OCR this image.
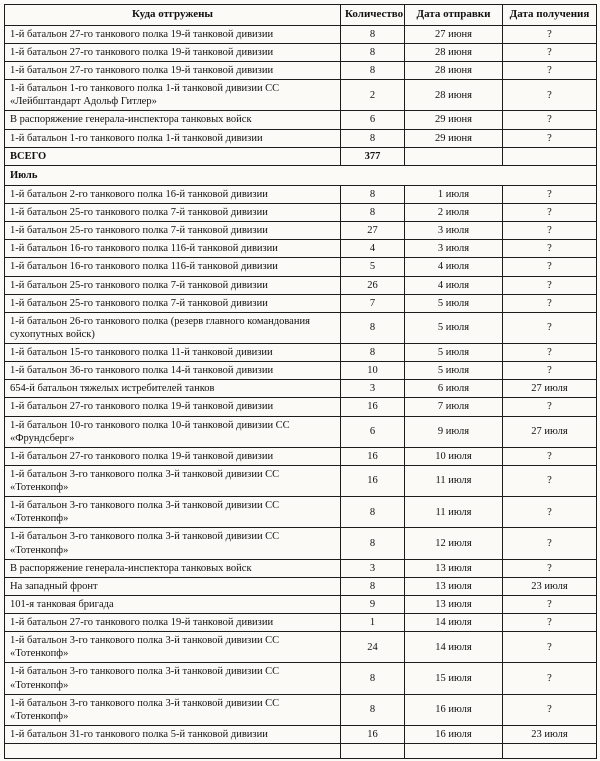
Куда отгружены	Количество	Дата отправки	Дата получения
1-й батальон 27-го танкового полка 19-й танковой дивизии	8	27 июня	?
1-й батальон 27-го танкового полка 19-й танковой дивизии	8	28 июня	?
1-й батальон 27-го танкового полка 19-й танковой дивизии	8	28 июня	?
1-й батальон 1-го танкового полка 1-й танковой дивизии СС «Лейбштандарт Адольф Гитлер»	2	28 июня	?
В распоряжение генерала-инспектора танковых войск	6	29 июня	?
1-й батальон 1-го танкового полка 1-й танковой дивизии	8	29 июня	?
ВСЕГО	377		
Июль			
1-й батальон 2-го танкового полка 16-й танковой дивизии	8	1 июля	?
1-й батальон 25-го танкового полка 7-й танковой дивизии	8	2 июля	?
1-й батальон 25-го танкового полка 7-й танковой дивизии	27	3 июля	?
1-й батальон 16-го танкового полка 116-й танковой дивизии	4	3 июля	?
1-й батальон 16-го танкового полка 116-й танковой дивизии	5	4 июля	?
1-й батальон 25-го танкового полка 7-й танковой дивизии	26	4 июля	?
1-й батальон 25-го танкового полка 7-й танковой дивизии	7	5 июля	?
1-й батальон 26-го танкового полка (резерв главного командования сухопутных войск)	8	5 июля	?
1-й батальон 15-го танкового полка 11-й танковой дивизии	8	5 июля	?
1-й батальон 36-го танкового полка 14-й танковой дивизии	10	5 июля	?
654-й батальон тяжелых истребителей танков	3	6 июля	27 июля
1-й батальон 27-го танкового полка 19-й танковой дивизии	16	7 июля	?
1-й батальон 10-го танкового полка 10-й танковой дивизии СС «Фрундсберг»	6	9 июля	27 июля
1-й батальон 27-го танкового полка 19-й танковой дивизии	16	10 июля	?
1-й батальон 3-го танкового полка 3-й танковой дивизии СС «Тотенкопф»	16	11 июля	?
1-й батальон 3-го танкового полка 3-й танковой дивизии СС «Тотенкопф»	8	11 июля	?
1-й батальон 3-го танкового полка 3-й танковой дивизии СС «Тотенкопф»	8	12 июля	?
В распоряжение генерала-инспектора танковых войск	3	13 июля	?
На западный фронт	8	13 июля	23 июля
101-я танковая бригада	9	13 июля	?
1-й батальон 27-го танкового полка 19-й танковой дивизии	1	14 июля	?
1-й батальон 3-го танкового полка 3-й танковой дивизии СС «Тотенкопф»	24	14 июля	?
1-й батальон 3-го танкового полка 3-й танковой дивизии СС «Тотенкопф»	8	15 июля	?
1-й батальон 3-го танкового полка 3-й танковой дивизии СС «Тотенкопф»	8	16 июля	?
1-й батальон 31-го танкового полка 5-й танковой дивизии	16	16 июля	23 июля
